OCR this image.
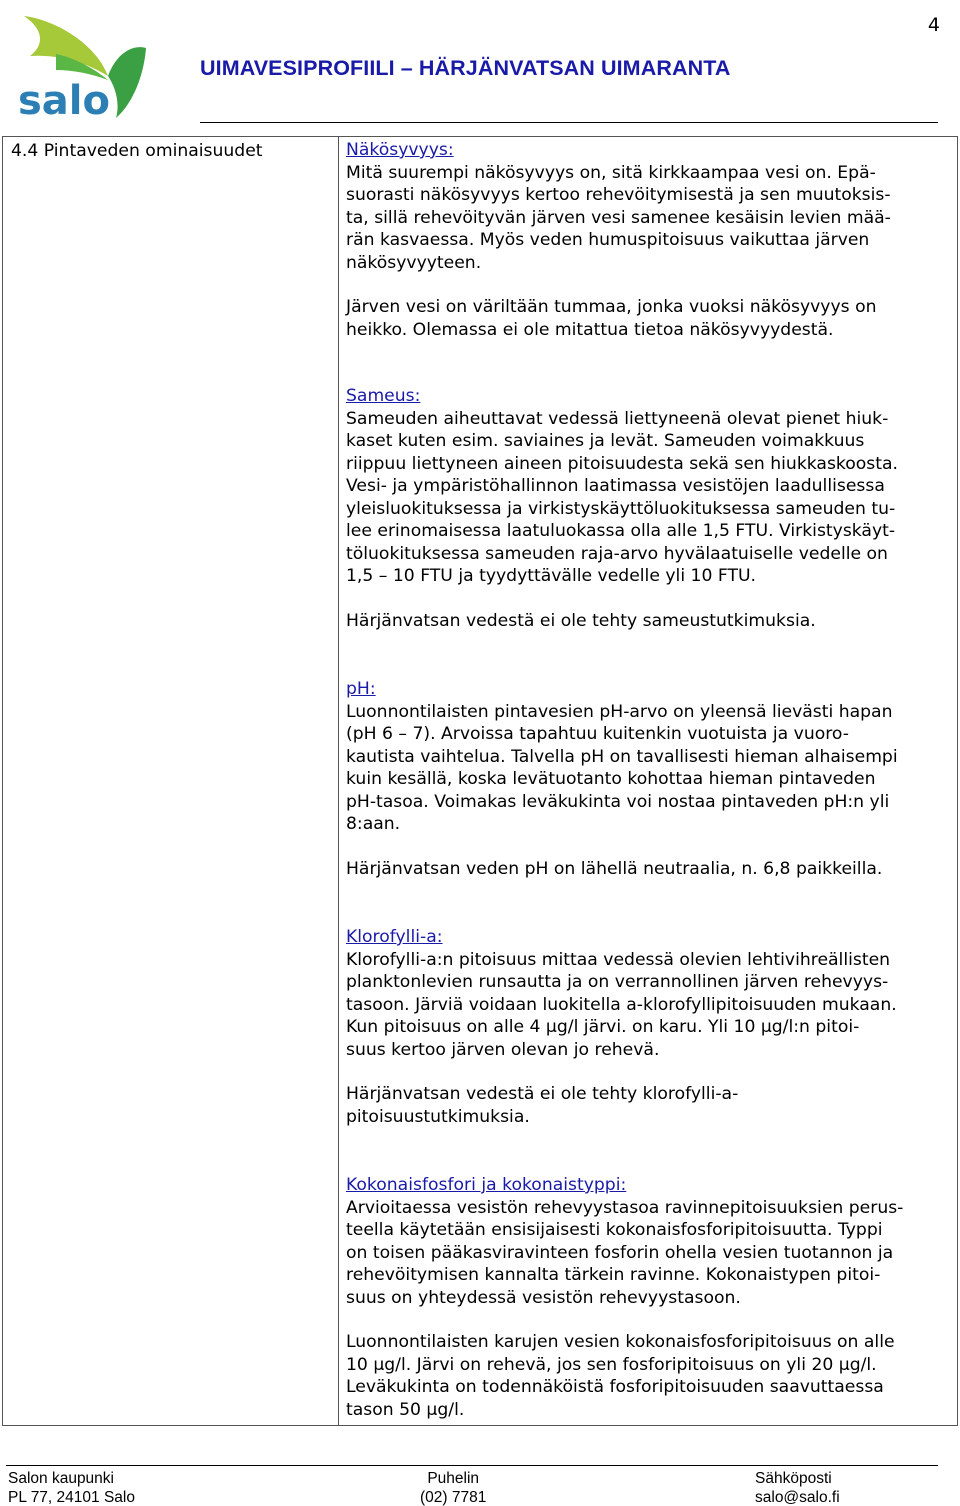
salo
4
UIMAVESIPROFIILI – HÄRJÄNVATSAN UIMARANTA
4.4 Pintaveden ominaisuudet	Näkösyvyys:
Mitä suurempi näkösyvyys on, sitä kirkkaampaa vesi on. Epä-
suorasti näkösyvyys kertoo rehevöitymisestä ja sen muutoksis-
ta, sillä rehevöityvän järven vesi samenee kesäisin levien mää-
rän kasvaessa. Myös veden humuspitoisuus vaikuttaa järven
näkösyvyyteen.
Järven vesi on väriltään tummaa, jonka vuoksi näkösyvyys on
heikko. Olemassa ei ole mitattua tietoa näkösyvyydestä.
Sameus:
Sameuden aiheuttavat vedessä liettyneenä olevat pienet hiuk-
kaset kuten esim. saviaines ja levät. Sameuden voimakkuus
riippuu liettyneen aineen pitoisuudesta sekä sen hiukkaskoosta.
Vesi- ja ympäristöhallinnon laatimassa vesistöjen laadullisessa
yleisluokituksessa ja virkistyskäyttöluokituksessa sameuden tu-
lee erinomaisessa laatuluokassa olla alle 1,5 FTU. Virkistyskäyt-
töluokituksessa sameuden raja-arvo hyvälaatuiselle vedelle on
1,5 – 10 FTU ja tyydyttävälle vedelle yli 10 FTU.
Härjänvatsan vedestä ei ole tehty sameustutkimuksia.
pH:
Luonnontilaisten pintavesien pH-arvo on yleensä lievästi hapan
(pH 6 – 7). Arvoissa tapahtuu kuitenkin vuotuista ja vuoro-
kautista vaihtelua. Talvella pH on tavallisesti hieman alhaisempi
kuin kesällä, koska levätuotanto kohottaa hieman pintaveden
pH-tasoa. Voimakas leväkukinta voi nostaa pintaveden pH:n yli
8:aan.
Härjänvatsan veden pH on lähellä neutraalia, n. 6,8 paikkeilla.
Klorofylli-a:
Klorofylli-a:n pitoisuus mittaa vedessä olevien lehtivihreällisten
planktonlevien runsautta ja on verrannollinen järven rehevyys-
tasoon. Järviä voidaan luokitella a-klorofyllipitoisuuden mukaan.
Kun pitoisuus on alle 4 µg/l järvi. on karu. Yli 10 µg/l:n pitoi-
suus kertoo järven olevan jo rehevä.
Härjänvatsan vedestä ei ole tehty klorofylli-a-
pitoisuustutkimuksia.
Kokonaisfosfori ja kokonaistyppi:
Arvioitaessa vesistön rehevyystasoa ravinnepitoisuuksien perus-
teella käytetään ensisijaisesti kokonaisfosforipitoisuutta. Typpi
on toisen pääkasviravinteen fosforin ohella vesien tuotannon ja
rehevöitymisen kannalta tärkein ravinne. Kokonaistypen pitoi-
suus on yhteydessä vesistön rehevyystasoon.
Luonnontilaisten karujen vesien kokonaisfosforipitoisuus on alle
10 µg/l. Järvi on rehevä, jos sen fosforipitoisuus on yli 20 µg/l.
Leväkukinta on todennäköistä fosforipitoisuuden saavuttaessa
tason 50 µg/l.
Salon kaupunki
PL 77, 24101 Salo
Puhelin
(02) 7781
Sähköposti
salo@salo.fi
